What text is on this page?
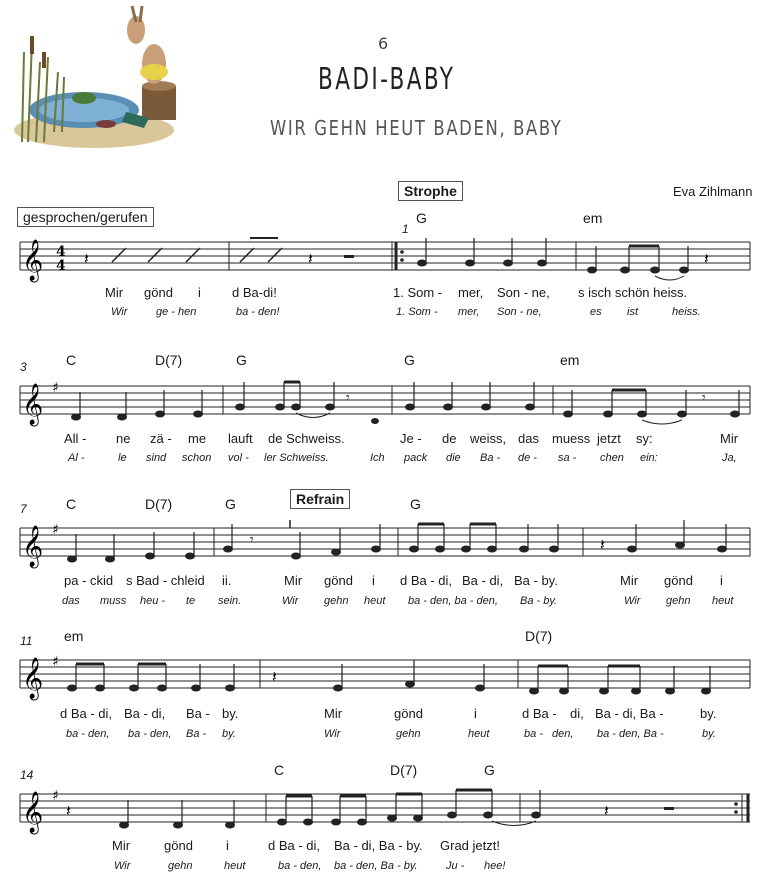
6
BADI-BABY
WIR GEHN HEUT BADEN, BABY
Eva Zihlmann
Strophe
gesprochen/gerufen
Refrain
1
G	em
𝄞 4
4 𝄽	𝄽	𝄽
Mir gönd i d Ba-di!	1. Som - mer, Son - ne, s isch schön heiss.
Wir	ge - hen	ba - den!	1. Som - mer, Son - ne,	es ist	heiss.
3	C	D(7)	G	G	em
𝄞 ♯
𝄾	𝄾
All - ne zä - me lauft de Schweiss.	Je - de weiss, das muess jetzt sy:	Mir
Al -	le sind schon vol - ler Schweiss.	Ich pack die Ba - de - sa - chen ein:	Ja,
7	C	D(7)	G	G
𝄞 ♯
𝄾	𝄽
pa - ckid s Bad - chleid ii.	Mir gönd i d Ba - di, Ba - di, Ba - by.	Mir gönd i
das muss heu - te sein.	Wir gehn heut ba - den, ba - den, Ba - by.	Wir gehn heut
11 em	D(7)
𝄞 ♯
𝄽
d Ba - di, Ba - di, Ba - by.	Mir	gönd	i	d Ba - di, Ba - di, Ba -	by.
ba - den, ba - den, Ba - by.	Wir	gehn	heut	ba - den, ba - den, Ba -	by.
14	C	D(7)	G
𝄞 ♯
𝄽	𝄽
Mir	gönd	i	d Ba - di, Ba - di, Ba - by. Grad jetzt!
Wir	gehn	heut	ba - den, ba - den, Ba - by.	Ju - hee!
